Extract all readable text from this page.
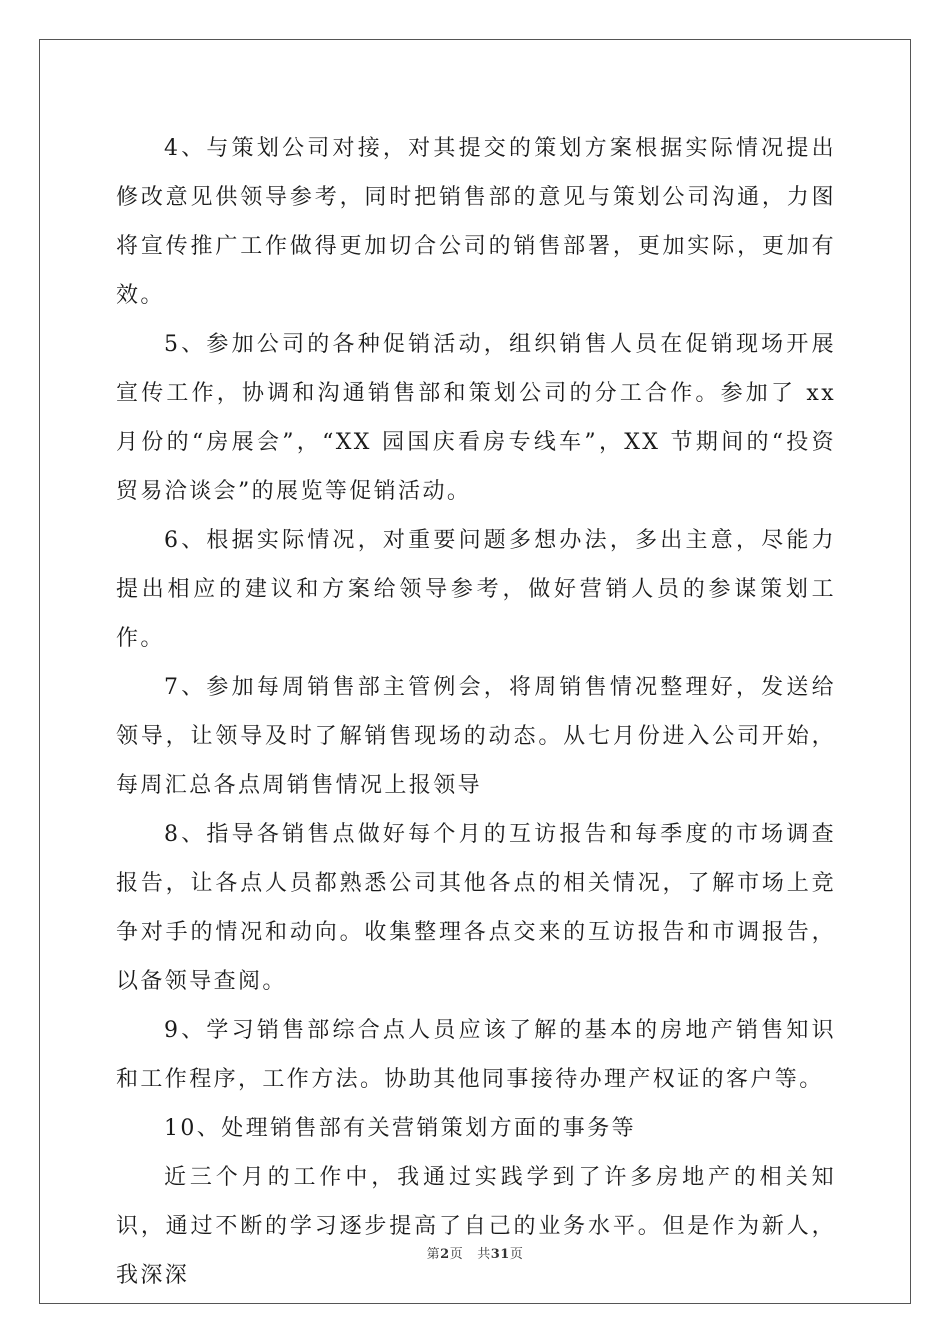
4、与策划公司对接，对其提交的策划方案根据实际情况提出修改意见供领导参考，同时把销售部的意见与策划公司沟通，力图将宣传推广工作做得更加切合公司的销售部署，更加实际，更加有效。

5、参加公司的各种促销活动，组织销售人员在促销现场开展宣传工作，协调和沟通销售部和策划公司的分工合作。参加了 xx 月份的“房展会”，“XX 园国庆看房专线车”，XX 节期间的“投资贸易洽谈会”的展览等促销活动。

6、根据实际情况，对重要问题多想办法，多出主意，尽能力提出相应的建议和方案给领导参考，做好营销人员的参谋策划工作。

7、参加每周销售部主管例会，将周销售情况整理好，发送给领导，让领导及时了解销售现场的动态。从七月份进入公司开始，每周汇总各点周销售情况上报领导

8、指导各销售点做好每个月的互访报告和每季度的市场调查报告，让各点人员都熟悉公司其他各点的相关情况，了解市场上竞争对手的情况和动向。收集整理各点交来的互访报告和市调报告，以备领导查阅。

9、学习销售部综合点人员应该了解的基本的房地产销售知识和工作程序，工作方法。协助其他同事接待办理产权证的客户等。

10、处理销售部有关营销策划方面的事务等

近三个月的工作中，我通过实践学到了许多房地产的相关知识，通过不断的学习逐步提高了自己的业务水平。但是作为新人，我深深

第2页 共31页
